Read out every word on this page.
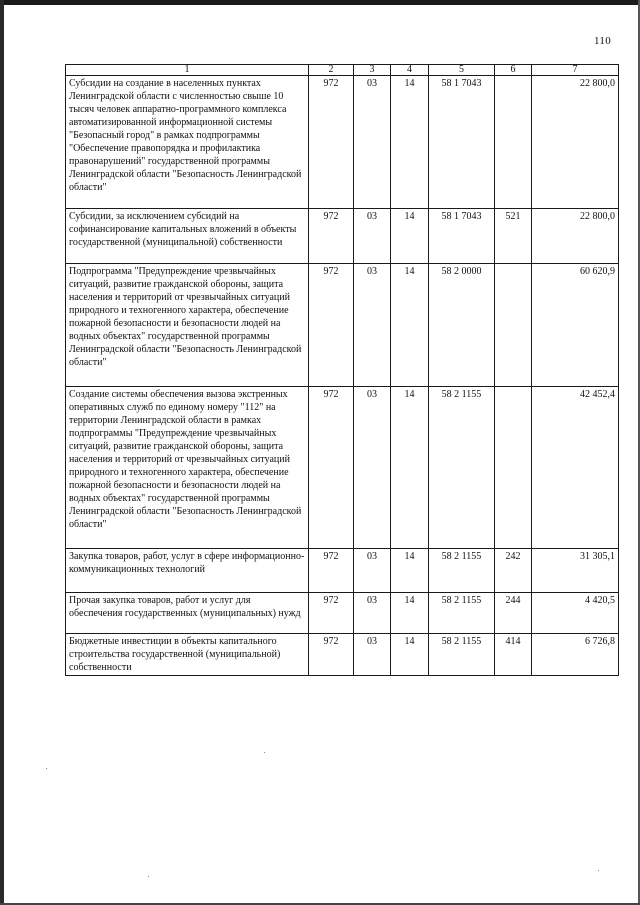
110
1	2	3	4	5	6	7
Субсидии на создание в населенных пунктах Ленинградской области с численностью свыше 10 тысяч человек аппаратно-программного комплекса автоматизированной информационной системы "Безопасный город" в рамках подпрограммы "Обеспечение правопорядка и профилактика правонарушений" государственной программы Ленинградской области "Безопасность Ленинградской области"	972	03	14	58 1 7043		22 800,0
Субсидии, за исключением субсидий на софинансирование капитальных вложений в объекты государственной (муниципальной) собственности	972	03	14	58 1 7043	521	22 800,0
Подпрограмма "Предупреждение чрезвычайных ситуаций, развитие гражданской обороны, защита населения и территорий от чрезвычайных ситуаций природного и техногенного характера, обеспечение пожарной безопасности и безопасности людей на водных объектах" государственной программы Ленинградской области "Безопасность Ленинградской области"	972	03	14	58 2 0000		60 620,9
Создание системы обеспечения вызова экстренных оперативных служб по единому номеру "112" на территории Ленинградской области в рамках подпрограммы "Предупреждение чрезвычайных ситуаций, развитие гражданской обороны, защита населения и территорий от чрезвычайных ситуаций природного и техногенного характера, обеспечение пожарной безопасности и безопасности людей на водных объектах" государственной программы Ленинградской области "Безопасность Ленинградской области"	972	03	14	58 2 1155		42 452,4
Закупка товаров, работ, услуг в сфере информационно-коммуникационных технологий	972	03	14	58 2 1155	242	31 305,1
Прочая закупка товаров, работ и услуг для обеспечения государственных (муниципальных) нужд	972	03	14	58 2 1155	244	4 420,5
Бюджетные инвестиции в объекты капитального строительства государственной (муниципальной) собственности	972	03	14	58 2 1155	414	6 726,8
